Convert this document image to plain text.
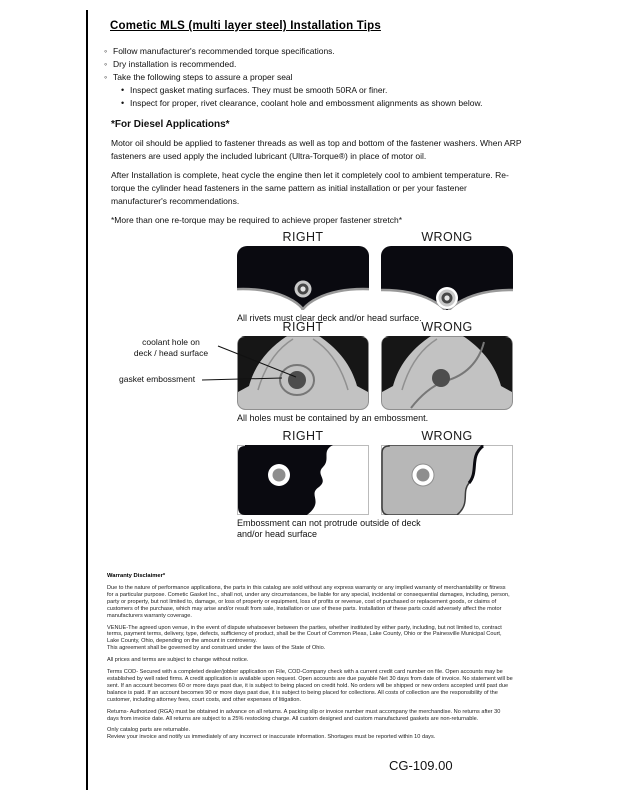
Cometic MLS (multi layer steel) Installation Tips
◦ Follow manufacturer's recommended torque specifications.
◦ Dry installation is recommended.
◦ Take the following steps to assure a proper seal
• Inspect gasket mating surfaces. They must be smooth 50RA or finer.
• Inspect for proper, rivet clearance, coolant hole and embossment alignments as shown below.
*For Diesel Applications*

Motor oil should be applied to fastener threads as well as top and bottom of the fastener washers. When ARP fasteners are used apply the included lubricant (Ultra-Torque®) in place of motor oil.

After Installation is complete, heat cycle the engine then let it completely cool to ambient temperature. Re-torque the cylinder head fasteners in the same pattern as initial installation or per your fastener manufacturer's recommendations.

*More than one re-torque may be required to achieve proper fastener stretch*

RIGHT	WRONG
All rivets must clear deck and/or head surface.
RIGHT	WRONG
All holes must be contained by an embossment.
coolant hole on
deck / head surface
gasket embossment
RIGHT	WRONG
Embossment can not protrude outside of deck and/or head surface
Warranty Disclaimer*

Due to the nature of performance applications, the parts in this catalog are sold without any express warranty or any implied warranty of merchantability or fitness for a particular purpose. Cometic Gasket Inc., shall not, under any circumstances, be liable for any special, incidental or consequential damages, including, person, party or property, but not limited to, damage, or loss of property or equipment, loss of profits or revenue, cost of purchased or replacement goods, or claims of customers of the purchase, which may arise and/or result from sale, installation or use of these parts. Installation of these parts could adversely affect the motor manufacturers warranty coverage.

VENUE-The agreed upon venue, in the event of dispute whatsoever between the parties, whether instituted by either party, including, but not limited to, contract terms, payment terms, delivery, type, defects, sufficiency of product, shall be the Court of Common Pleas, Lake County, Ohio or the Painesville Municipal Court, Lake County, Ohio, depending on the amount in controversy.

This agreement shall be governed by and construed under the laws of the State of Ohio.

All prices and terms are subject to change without notice.

Terms COD- Secured with a completed dealer/jobber application on File, COD-Company check with a current credit card number on file. Open accounts may be established by well rated firms. A credit application is available upon request. Open accounts are due payable Net 30 days from date of invoice. No statement will be sent. If an account becomes 60 or more days past due, it is subject to being placed on credit hold. No orders will be shipped or new orders accepted until past due balance is paid. If an account becomes 90 or more days past due, it is subject to being placed for collections. All costs of collection are the responsibility of the customer, including attorney fees, court costs, and other expenses of litigation.

Returns- Authorized (RGA) must be obtained in advance on all returns. A packing slip or invoice number must accompany the merchandise. No returns after 30 days from invoice date. All returns are subject to a 25% restocking charge. All custom designed and custom manufactured gaskets are non-returnable.

Only catalog parts are returnable.

Review your invoice and notify us immediately of any incorrect or inaccurate information. Shortages must be reported within 10 days.

CG-109.00
